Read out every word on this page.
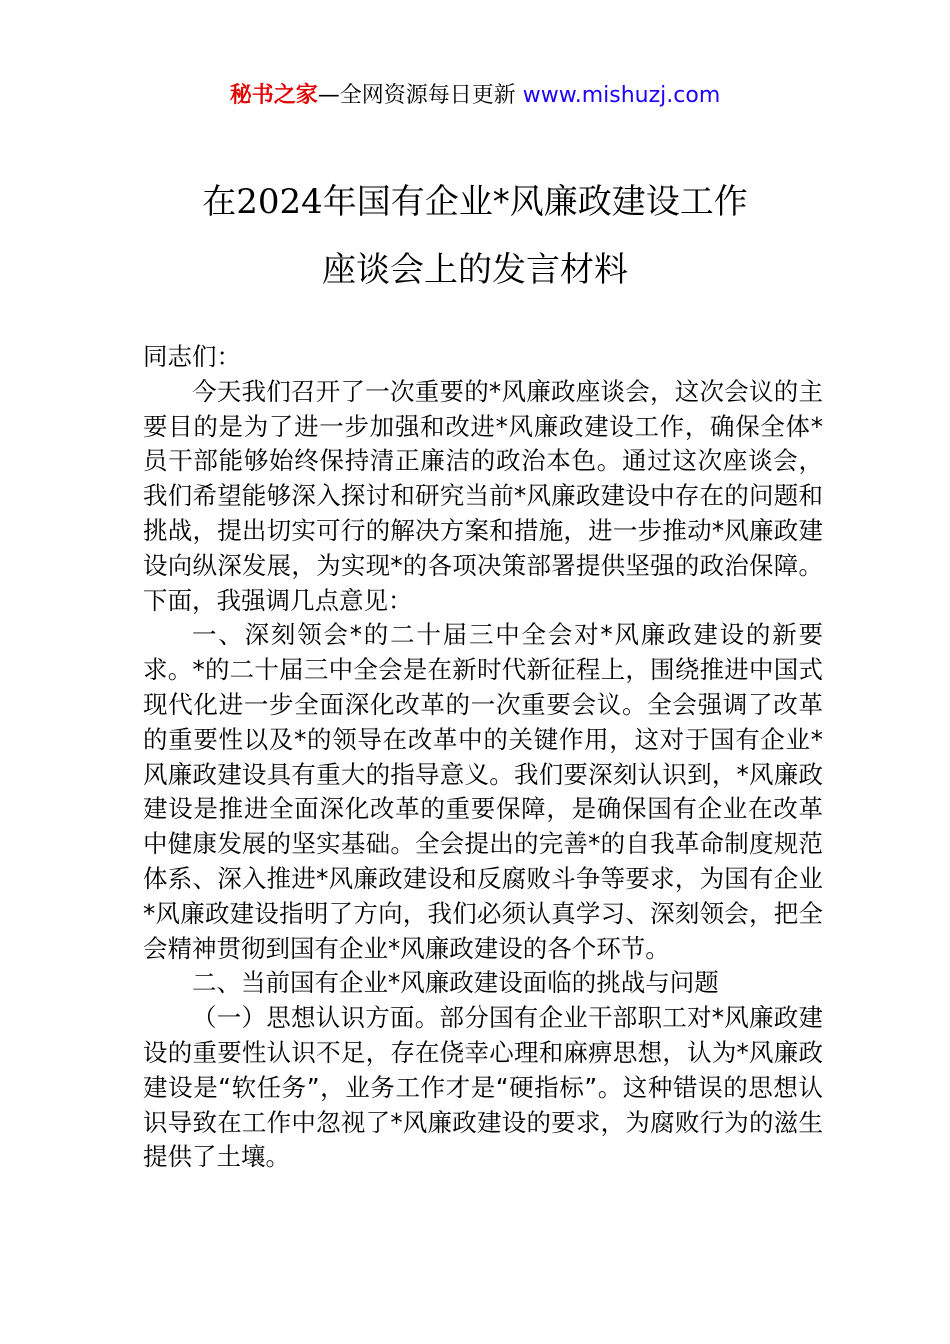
秘书之家—全网资源每日更新 www.mishuzj.com
在2024年国有企业*风廉政建设工作
座谈会上的发言材料

同志们：

今天我们召开了一次重要的*风廉政座谈会，这次会议的主要目的是为了进一步加强和改进*风廉政建设工作，确保全体*员干部能够始终保持清正廉洁的政治本色。通过这次座谈会，我们希望能够深入探讨和研究当前*风廉政建设中存在的问题和挑战，提出切实可行的解决方案和措施，进一步推动*风廉政建设向纵深发展，为实现*的各项决策部署提供坚强的政治保障。下面，我强调几点意见：

一、深刻领会*的二十届三中全会对*风廉政建设的新要求。*的二十届三中全会是在新时代新征程上，围绕推进中国式现代化进一步全面深化改革的一次重要会议。全会强调了改革的重要性以及*的领导在改革中的关键作用，这对于国有企业*风廉政建设具有重大的指导意义。我们要深刻认识到，*风廉政建设是推进全面深化改革的重要保障，是确保国有企业在改革中健康发展的坚实基础。全会提出的完善*的自我革命制度规范体系、深入推进*风廉政建设和反腐败斗争等要求，为国有企业*风廉政建设指明了方向，我们必须认真学习、深刻领会，把全会精神贯彻到国有企业*风廉政建设的各个环节。

二、当前国有企业*风廉政建设面临的挑战与问题

（一）思想认识方面。部分国有企业干部职工对*风廉政建设的重要性认识不足，存在侥幸心理和麻痹思想，认为*风廉政建设是“软任务”，业务工作才是“硬指标”。这种错误的思想认识导致在工作中忽视了*风廉政建设的要求，为腐败行为的滋生提供了土壤。
